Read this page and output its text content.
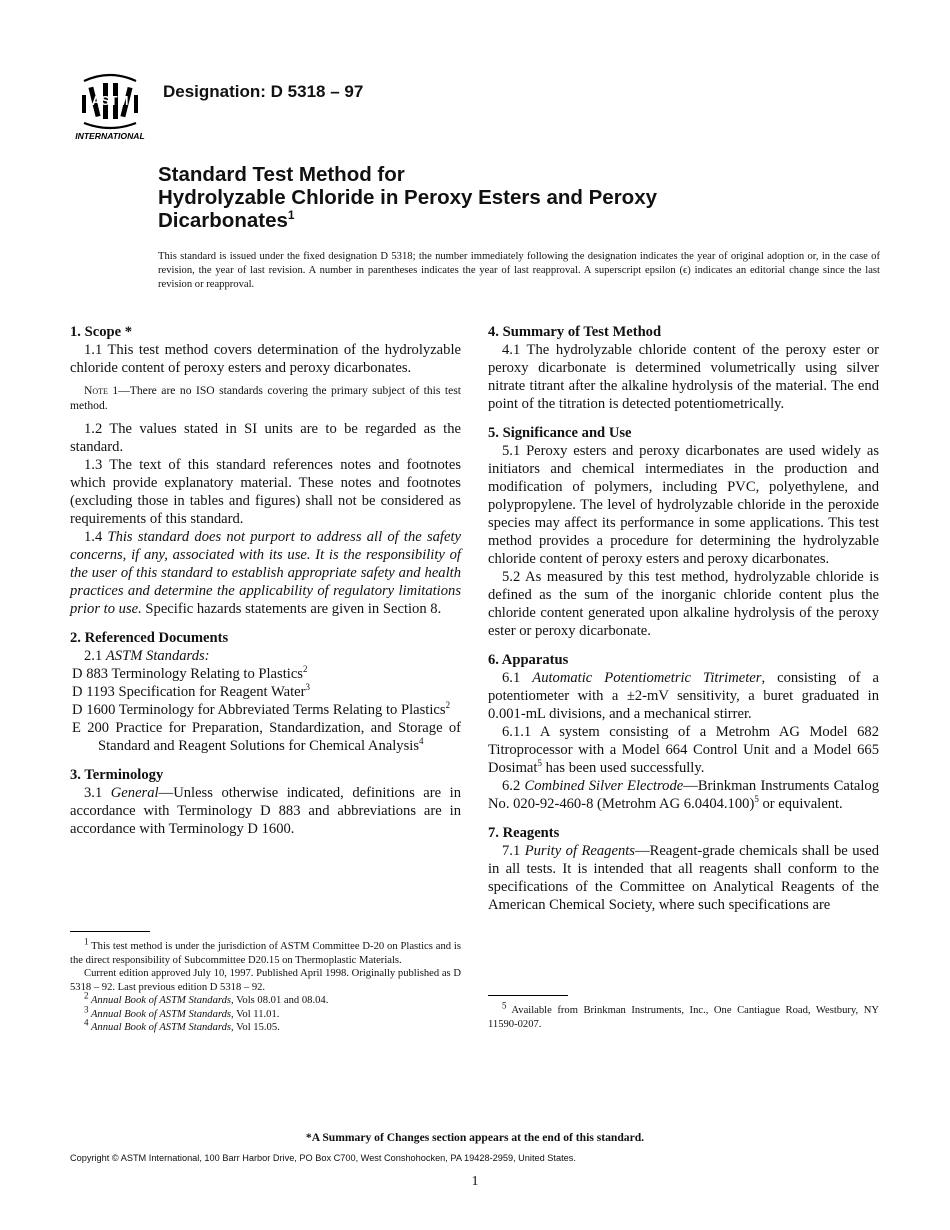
ASTM
INTERNATIONAL
Designation: D 5318 – 97
Standard Test Method for
Hydrolyzable Chloride in Peroxy Esters and Peroxy
Dicarbonates$^1$
This standard is issued under the fixed designation D 5318; the number immediately following the designation indicates the year of original adoption or, in the case of revision, the year of last revision. A number in parentheses indicates the year of last reapproval. A superscript epsilon (ϵ) indicates an editorial change since the last revision or reapproval.

1. Scope *

1.1 This test method covers determination of the hydrolyzable chloride content of peroxy esters and peroxy dicarbonates.

Note 1—There are no ISO standards covering the primary subject of this test method.

1.2 The values stated in SI units are to be regarded as the standard.

1.3 The text of this standard references notes and footnotes which provide explanatory material. These notes and footnotes (excluding those in tables and figures) shall not be considered as requirements of this standard.

1.4 This standard does not purport to address all of the safety concerns, if any, associated with its use. It is the responsibility of the user of this standard to establish appropriate safety and health practices and determine the applicability of regulatory limitations prior to use. Specific hazards statements are given in Section 8.

2. Referenced Documents

2.1 ASTM Standards:

D 883 Terminology Relating to Plastics$^2$

D 1193 Specification for Reagent Water$^3$

D 1600 Terminology for Abbreviated Terms Relating to Plastics$^2$

E 200 Practice for Preparation, Standardization, and Storage of Standard and Reagent Solutions for Chemical Analysis$^4$

3. Terminology

3.1 General—Unless otherwise indicated, definitions are in accordance with Terminology D 883 and abbreviations are in accordance with Terminology D 1600.

4. Summary of Test Method

4.1 The hydrolyzable chloride content of the peroxy ester or peroxy dicarbonate is determined volumetrically using silver nitrate titrant after the alkaline hydrolysis of the material. The end point of the titration is detected potentiometrically.

5. Significance and Use

5.1 Peroxy esters and peroxy dicarbonates are used widely as initiators and chemical intermediates in the production and modification of polymers, including PVC, polyethylene, and polypropylene. The level of hydrolyzable chloride in the peroxide species may affect its performance in some applications. This test method provides a procedure for determining the hydrolyzable chloride content of peroxy esters and peroxy dicarbonates.

5.2 As measured by this test method, hydrolyzable chloride is defined as the sum of the inorganic chloride content plus the chloride content generated upon alkaline hydrolysis of the peroxy ester or peroxy dicarbonate.

6. Apparatus

6.1 Automatic Potentiometric Titrimeter, consisting of a potentiometer with a ±2-mV sensitivity, a buret graduated in 0.001-mL divisions, and a mechanical stirrer.

6.1.1 A system consisting of a Metrohm AG Model 682 Titroprocessor with a Model 664 Control Unit and a Model 665 Dosimat$^5$ has been used successfully.

6.2 Combined Silver Electrode—Brinkman Instruments Catalog No. 020-92-460-8 (Metrohm AG 6.0404.100)$^5$ or equivalent.

7. Reagents

7.1 Purity of Reagents—Reagent-grade chemicals shall be used in all tests. It is intended that all reagents shall conform to the specifications of the Committee on Analytical Reagents of the American Chemical Society, where such specifications are

$^1$ This test method is under the jurisdiction of ASTM Committee D-20 on Plastics and is the direct responsibility of Subcommittee D20.15 on Thermoplastic Materials.

Current edition approved July 10, 1997. Published April 1998. Originally published as D 5318 – 92. Last previous edition D 5318 – 92.

$^2$ Annual Book of ASTM Standards, Vols 08.01 and 08.04.

$^3$ Annual Book of ASTM Standards, Vol 11.01.

$^4$ Annual Book of ASTM Standards, Vol 15.05.

$^5$ Available from Brinkman Instruments, Inc., One Cantiague Road, Westbury, NY 11590-0207.

*A Summary of Changes section appears at the end of this standard.
Copyright © ASTM International, 100 Barr Harbor Drive, PO Box C700, West Conshohocken, PA 19428-2959, United States.
1
